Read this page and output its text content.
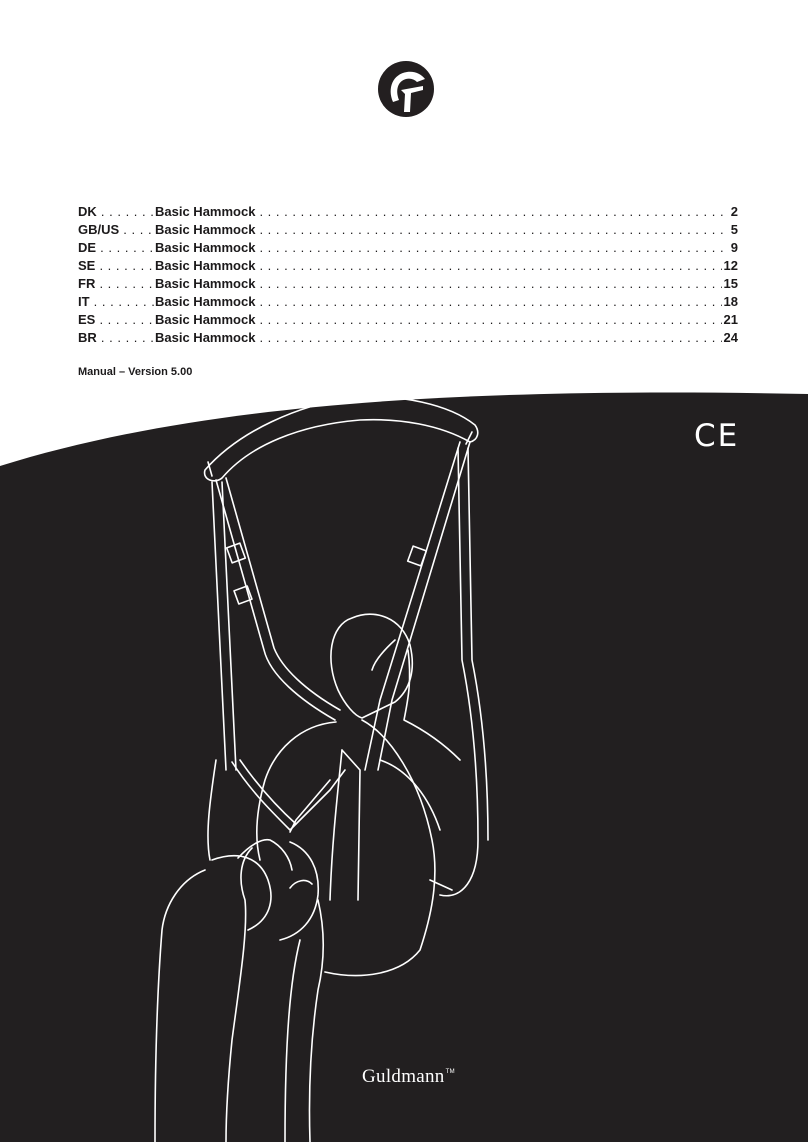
DK . . .	Basic Hammock . . .	2
GB/US . . .	Basic Hammock . . .	5
DE . . .	Basic Hammock . . .	9
SE . . .	Basic Hammock . . .	12
FR . . .	Basic Hammock . . .	15
IT . . .	Basic Hammock . . .	18
ES . . .	Basic Hammock . . .	21
BR . . .	Basic Hammock . . .	24
Manual – Version 5.00
CE
Guldmann™
